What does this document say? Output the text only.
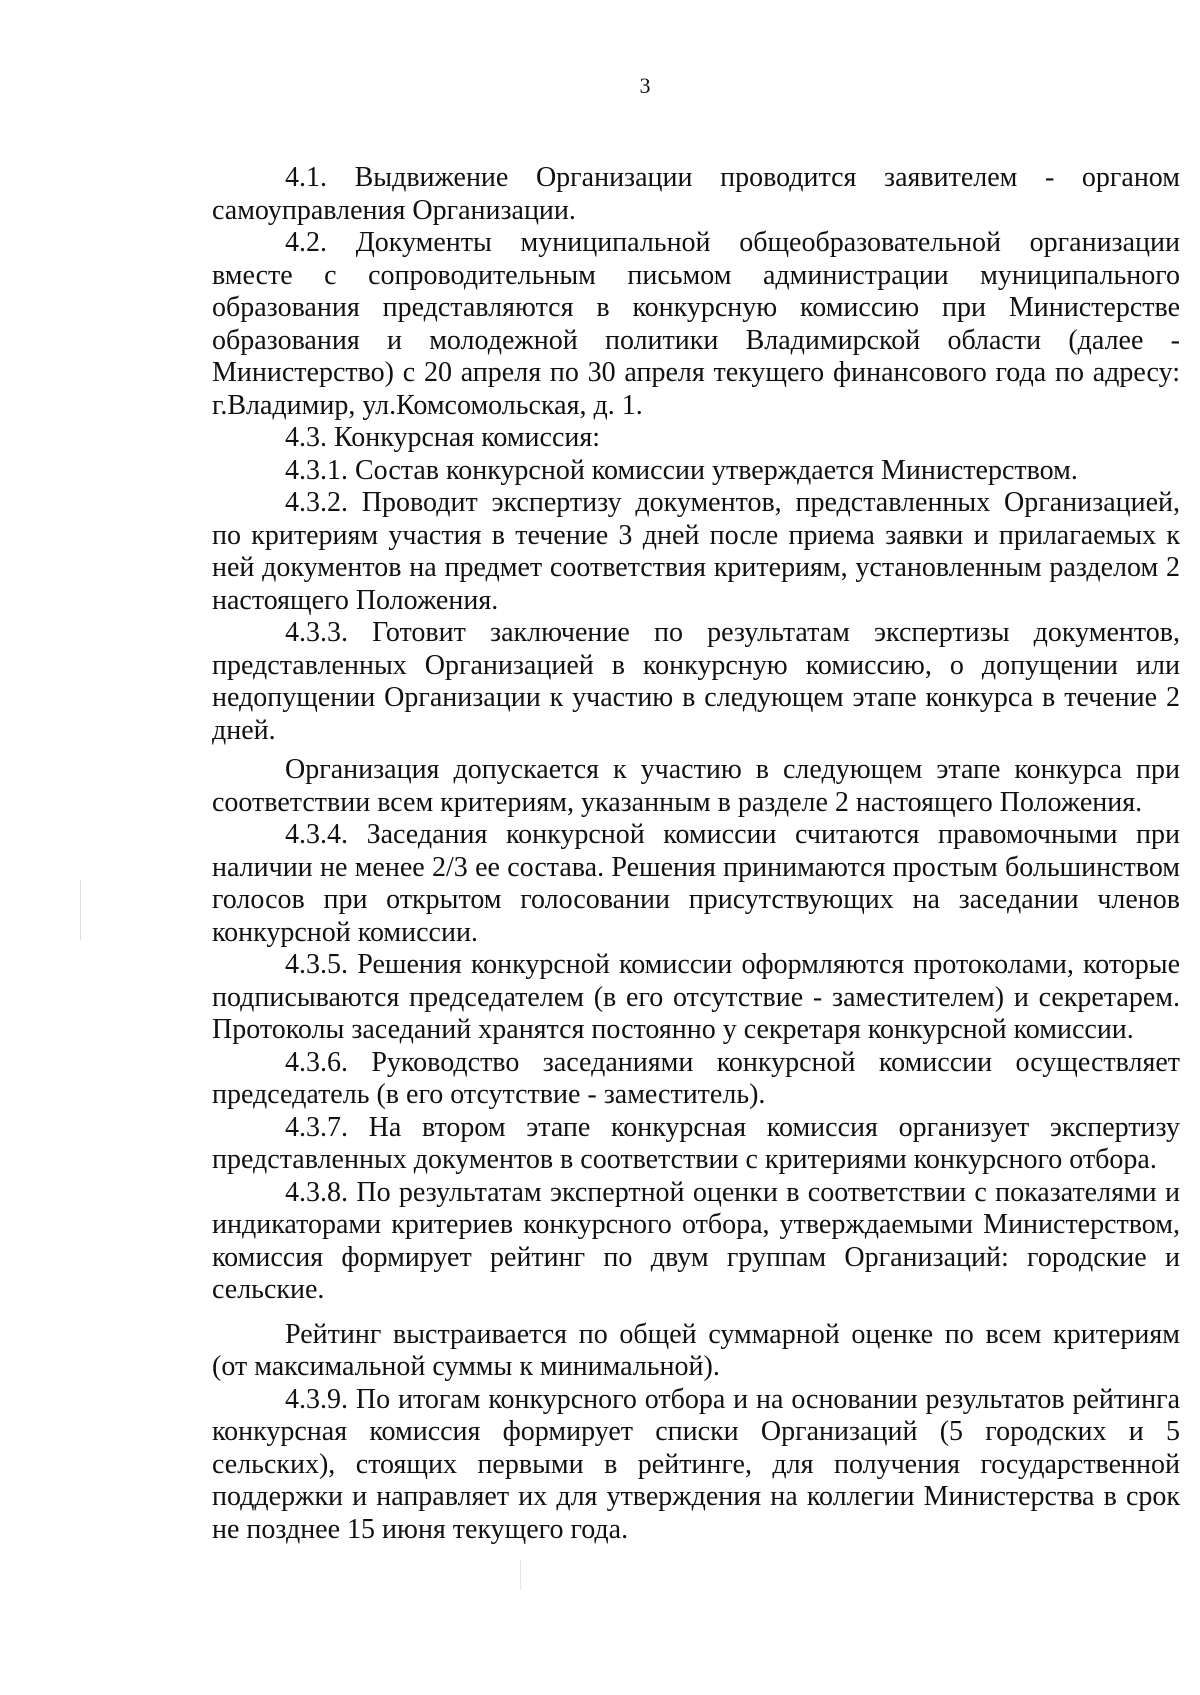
3

4.1. Выдвижение Организации проводится заявителем - органом самоуправления Организации.

4.2. Документы муниципальной общеобразовательной организации вместе с сопроводительным письмом администрации муниципального образования представляются в конкурсную комиссию при Министерстве образования и молодежной политики Владимирской области (далее - Министерство) с 20 апреля по 30 апреля текущего финансового года по адресу: г.Владимир, ул.Комсомольская, д. 1.

4.3. Конкурсная комиссия:

4.3.1. Состав конкурсной комиссии утверждается Министерством.

4.3.2. Проводит экспертизу документов, представленных Организацией, по критериям участия в течение 3 дней после приема заявки и прилагаемых к ней документов на предмет соответствия критериям, установленным разделом 2 настоящего Положения.

4.3.3. Готовит заключение по результатам экспертизы документов, представленных Организацией в конкурсную комиссию, о допущении или недопущении Организации к участию в следующем этапе конкурса в течение 2 дней.

Организация допускается к участию в следующем этапе конкурса при соответствии всем критериям, указанным в разделе 2 настоящего Положения.

4.3.4. Заседания конкурсной комиссии считаются правомочными при наличии не менее 2/3 ее состава. Решения принимаются простым большинством голосов при открытом голосовании присутствующих на заседании членов конкурсной комиссии.

4.3.5. Решения конкурсной комиссии оформляются протоколами, которые подписываются председателем (в его отсутствие - заместителем) и секретарем. Протоколы заседаний хранятся постоянно у секретаря конкурсной комиссии.

4.3.6. Руководство заседаниями конкурсной комиссии осуществляет председатель (в его отсутствие - заместитель).

4.3.7. На втором этапе конкурсная комиссия организует экспертизу представленных документов в соответствии с критериями конкурсного отбора.

4.3.8. По результатам экспертной оценки в соответствии с показателями и индикаторами критериев конкурсного отбора, утверждаемыми Министерством, комиссия формирует рейтинг по двум группам Организаций: городские и сельские.

Рейтинг выстраивается по общей суммарной оценке по всем критериям (от максимальной суммы к минимальной).

4.3.9. По итогам конкурсного отбора и на основании результатов рейтинга конкурсная комиссия формирует списки Организаций (5 городских и 5 сельских), стоящих первыми в рейтинге, для получения государственной поддержки и направляет их для утверждения на коллегии Министерства в срок не позднее 15 июня текущего года.
